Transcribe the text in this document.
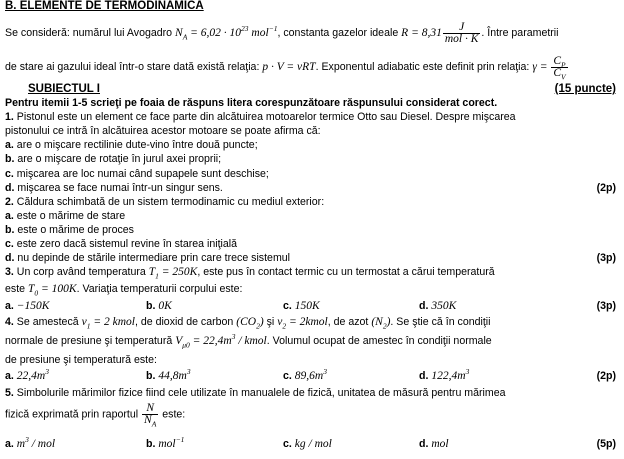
B. ELEMENTE DE TERMODINAMICĂ
Se consideră: numărul lui Avogadro $N_A = 6,02 \cdot 10^{23}$ mol$^{-1}$, constanta gazelor ideale $R = 8,31 \frac{J}{\text{mol · K}}$ . Între parametrii
de stare ai gazului ideal într-o stare dată există relaţia: p · V = νRT. Exponentul adiabatic este definit prin relaţia: $\gamma = \frac{C_P}{C_V}$
SUBIECTUL I	(15 puncte)
Pentru itemii 1-5 scrieţi pe foaia de răspuns litera corespunzătoare răspunsului considerat corect.
1. Pistonul este un element ce face parte din alcătuirea motoarelor termice Otto sau Diesel. Despre mişcarea
pistonului ce intră în alcătuirea acestor motoare se poate afirma că:
a. are o mişcare rectilinie dute-vino între două puncte;
b. are o mişcare de rotaţie în jurul axei proprii;
c. mişcarea are loc numai când supapele sunt deschise;
d. mişcarea se face numai într-un singur sens.	(2p)
2. Căldura schimbată de un sistem termodinamic cu mediul exterior:
a. este o mărime de stare
b. este o mărime de proces
c. este zero dacă sistemul revine în starea iniţială
d. nu depinde de stările intermediare prin care trece sistemul	(3p)
3. Un corp având temperatura $T_1 = 250K$, este pus în contact termic cu un termostat a cărui temperatură
este $T_0 = 100K$. Variaţia temperaturii corpului este:
a. −150K	b. 0K	c. 150K	d. 350K	(3p)
4. Se amestecă $\nu_1 = 2$ kmol, de dioxid de carbon $(CO_2)$ şi $\nu_2$ = 2kmol, de azot $(N_2)$. Se ştie că în condiţii
normale de presiune şi temperatură $V_{\mu 0} = 22,4m^3$ / kmol. Volumul ocupat de amestec în condiţii normale
de presiune şi temperatură este:
a. $22,4m^3$	b. $44,8m^3$	c. $89,6m^3$	d. $122,4m^3$	(2p)
5. Simbolurile mărimilor fizice fiind cele utilizate în manualele de fizică, unitatea de măsură pentru mărimea
fizică exprimată prin raportul $\frac{N}{N_A}$ este:
a. $m^3$ / mol	b. mol$^{-1}$	c. kg / mol	d. mol	(5p)
